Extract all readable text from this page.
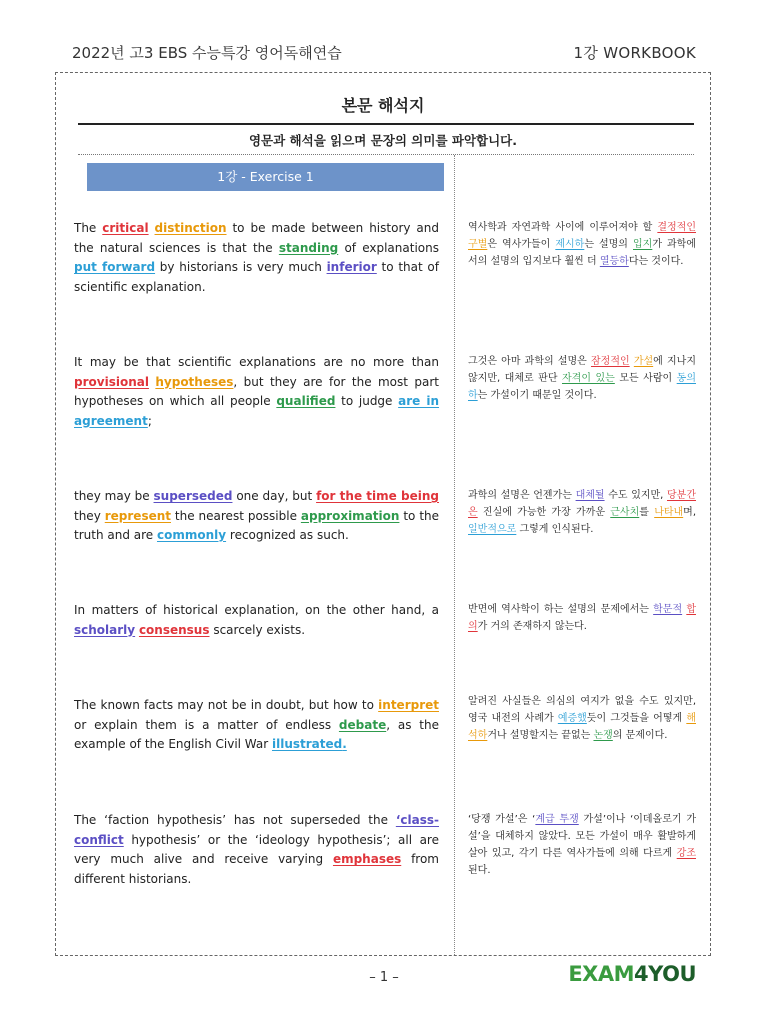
2022년 고3 EBS 수능특강 영어독해연습	1강 WORKBOOK
본문 해석지
영문과 해석을 읽으며 문장의 의미를 파악합니다.
1강 - Exercise 1
The critical distinction to be made between history and the natural sciences is that the standing of explanations put forward by historians is very much inferior to that of scientific explanation.
역사학과 자연과학 사이에 이루어져야 할 결정적인 구별은 역사가들이 제시하는 설명의 입지가 과학에서의 설명의 입지보다 훨씬 더 열등하다는 것이다.
It may be that scientific explanations are no more than provisional hypotheses, but they are for the most part hypotheses on which all people qualified to judge are in agreement;
그것은 아마 과학의 설명은 잠정적인 가설에 지나지 않지만, 대체로 판단 자격이 있는 모든 사람이 동의하는 가설이기 때문일 것이다.
they may be superseded one day, but for the time being they represent the nearest possible approximation to the truth and are commonly recognized as such.
과학의 설명은 언젠가는 대체될 수도 있지만, 당분간은 진실에 가능한 가장 가까운 근사치를 나타내며, 일반적으로 그렇게 인식된다.
In matters of historical explanation, on the other hand, a scholarly consensus scarcely exists.
반면에 역사학이 하는 설명의 문제에서는 학문적 합의가 거의 존재하지 않는다.
The known facts may not be in doubt, but how to interpret or explain them is a matter of endless debate, as the example of the English Civil War illustrated.
알려진 사실들은 의심의 여지가 없을 수도 있지만, 영국 내전의 사례가 예증했듯이 그것들을 어떻게 해석하거나 설명할지는 끝없는 논쟁의 문제이다.
The ‘faction hypothesis’ has not superseded the ‘class-conflict hypothesis’ or the ‘ideology hypothesis’; all are very much alive and receive varying emphases from different historians.
‘당쟁 가설’은 ‘계급 투쟁 가설’이나 ‘이데올로기 가설’을 대체하지 않았다. 모든 가설이 매우 활발하게 살아 있고, 각기 다른 역사가들에 의해 다르게 강조된다.
– 1 –	EXAM4YOU
